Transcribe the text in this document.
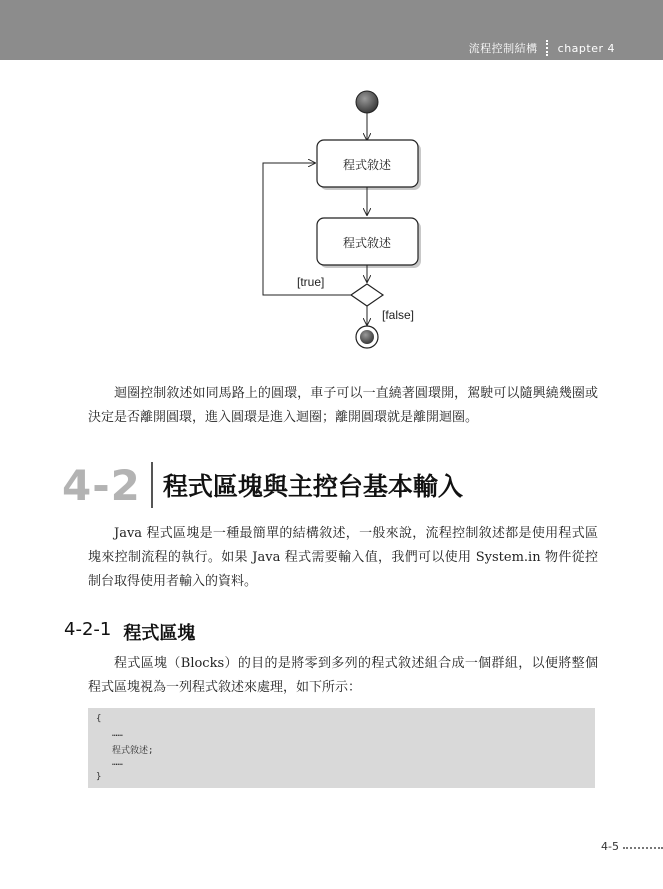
流程控制結構 chapter 4
程式敘述
程式敘述
[true]
[false]

迴圈控制敘述如同馬路上的圓環，車子可以一直繞著圓環開，駕駛可以隨興繞幾圈或決定是否離開圓環，進入圓環是進入迴圈；離開圓環就是離開迴圈。

4-2 程式區塊與主控台基本輸入

Java 程式區塊是一種最簡單的結構敘述，一般來說，流程控制敘述都是使用程式區塊來控制流程的執行。如果 Java 程式需要輸入值，我們可以使用 System.in 物件從控制台取得使用者輸入的資料。

4-2-1 程式區塊

程式區塊（Blocks）的目的是將零到多列的程式敘述組合成一個群組，以便將整個程式區塊視為一列程式敘述來處理，如下所示：

{
……
程式敘述;
……
}
4-5
